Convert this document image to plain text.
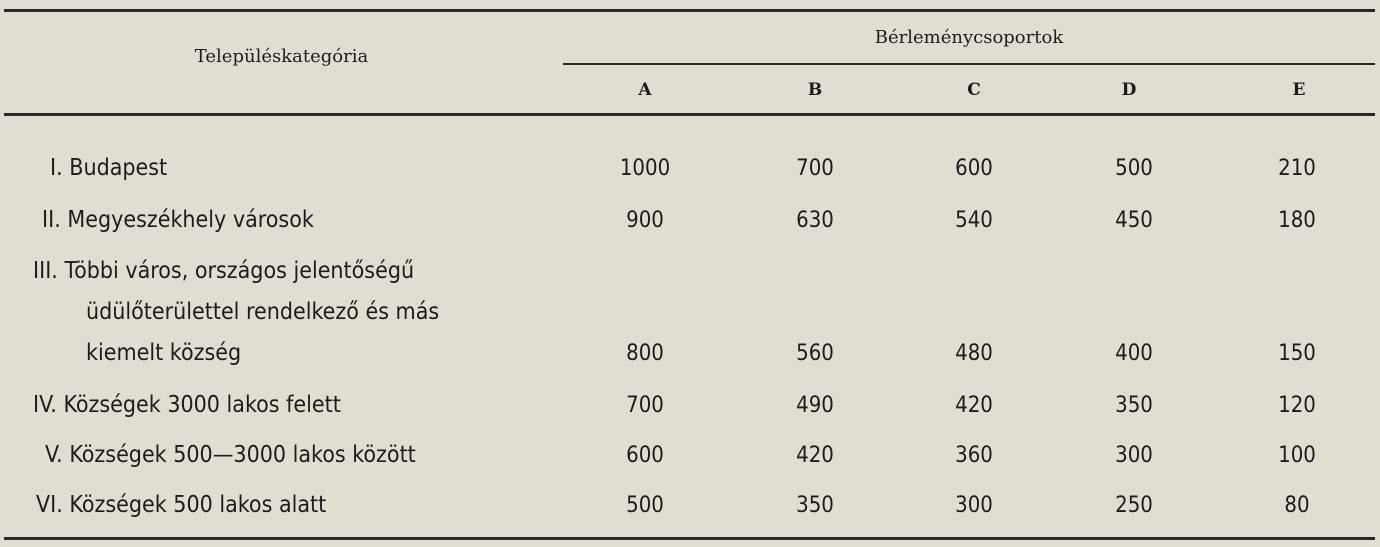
Településkategória
Bérleménycsoportok
A	B	C	D	E
I. Budapest	1000	700	600	500	210
II. Megyeszékhely városok	900	630	540	450	180
III. Többi város, országos jelentőségű
üdülőterülettel rendelkező és más
kiemelt község	800	560	480	400	150
IV. Községek 3000 lakos felett	700	490	420	350	120
V. Községek 500—3000 lakos között	600	420	360	300	100
VI. Községek 500 lakos alatt	500	350	300	250	80
